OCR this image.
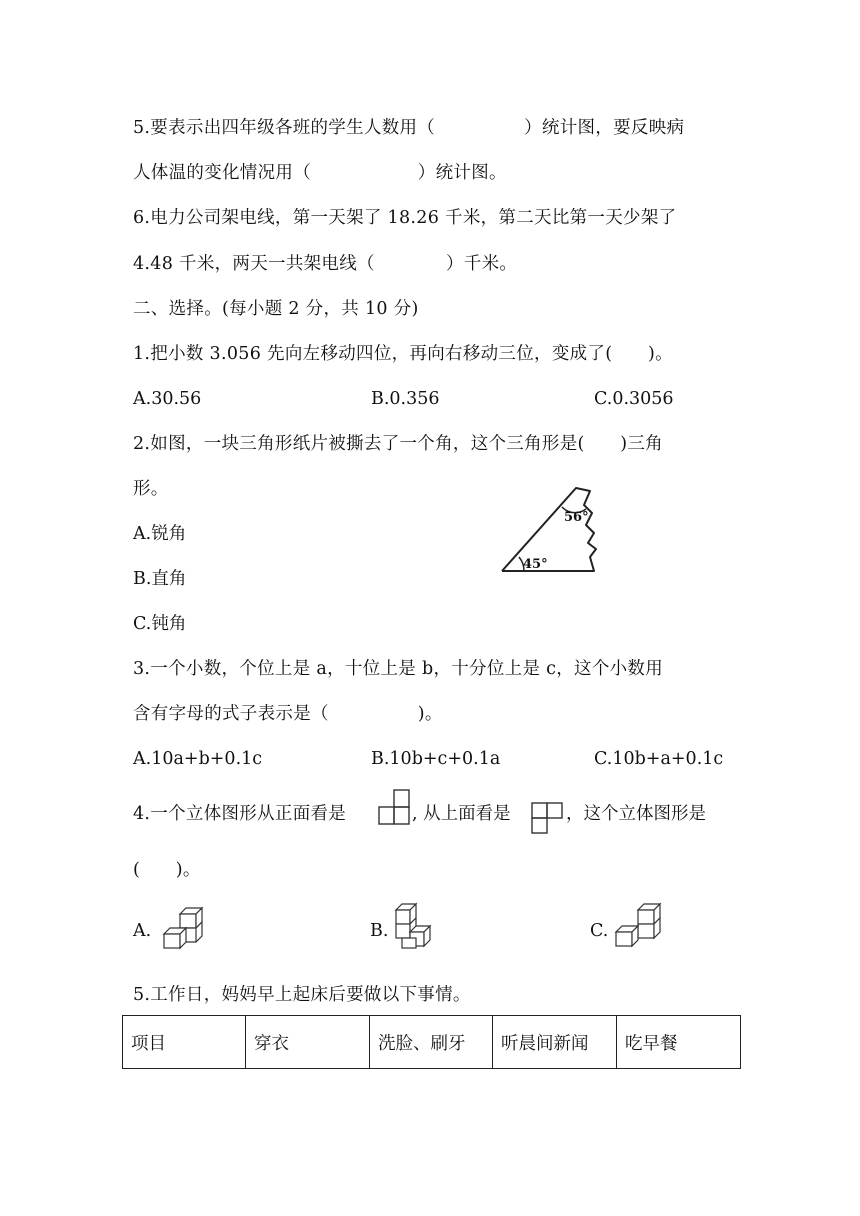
5.要表示出四年级各班的学生人数用（　　　　　）统计图，要反映病
人体温的变化情况用（　　　　　　）统计图。
6.电力公司架电线，第一天架了 18.26 千米，第二天比第一天少架了
4.48 千米，两天一共架电线（　　　　）千米。
二、选择。(每小题 2 分，共 10 分)
1.把小数 3.056 先向左移动四位，再向右移动三位，变成了(　　)。
A.30.56	B.0.356	C.0.3056
2.如图，一块三角形纸片被撕去了一个角，这个三角形是(　　)三角
形。
A.锐角
B.直角
C.钝角
56°
45°
3.一个小数，个位上是 a，十位上是 b，十分位上是 c，这个小数用
含有字母的式子表示是（　　　　　)。
A.10a+b+0.1c	B.10b+c+0.1a	C.10b+a+0.1c
4.一个立体图形从正面看是	, 从上面看是	，这个立体图形是
(　　)。
A.	B.	C.
5.工作日，妈妈早上起床后要做以下事情。
项目	穿衣	洗脸、刷牙	听晨间新闻	吃早餐
